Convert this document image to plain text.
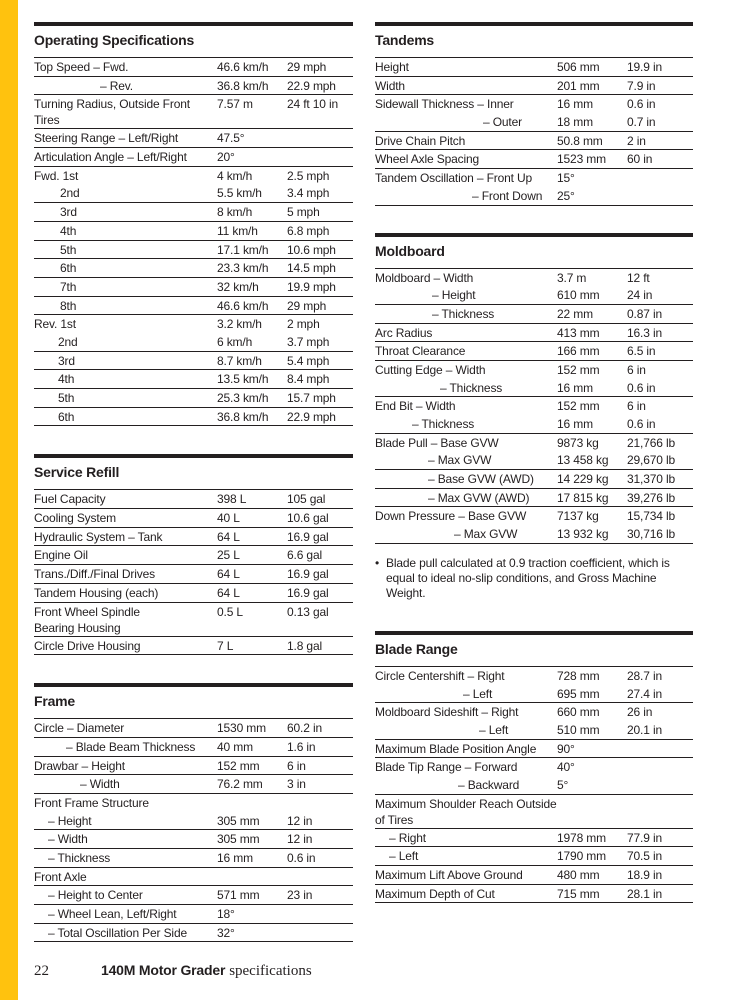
Operating Specifications
Top Speed – Fwd.	46.6 km/h	29 mph
– Rev.	36.8 km/h	22.9 mph
Turning Radius, Outside Front Tires
7.57 m	24 ft 10 in
Steering Range – Left/Right	47.5°
Articulation Angle – Left/Right	20°
Fwd. 1st	4 km/h	2.5 mph
2nd	5.5 km/h	3.4 mph
3rd	8 km/h	5 mph
4th	11 km/h	6.8 mph
5th	17.1 km/h	10.6 mph
6th	23.3 km/h	14.5 mph
7th	32 km/h	19.9 mph
8th	46.6 km/h	29 mph
Rev. 1st	3.2 km/h	2 mph
2nd	6 km/h	3.7 mph
3rd	8.7 km/h	5.4 mph
4th	13.5 km/h	8.4 mph
5th	25.3 km/h	15.7 mph
6th	36.8 km/h	22.9 mph
Service Refill
Fuel Capacity	398 L	105 gal
Cooling System	40 L	10.6 gal
Hydraulic System – Tank	64 L	16.9 gal
Engine Oil	25 L	6.6 gal
Trans./Diff./Final Drives	64 L	16.9 gal
Tandem Housing (each)	64 L	16.9 gal
Front Wheel Spindle
Bearing Housing
0.5 L	0.13 gal
Circle Drive Housing	7 L	1.8 gal
Frame
Circle – Diameter	1530 mm	60.2 in
– Blade Beam Thickness	40 mm	1.6 in
Drawbar – Height	152 mm	6 in
– Width	76.2 mm	3 in
Front Frame Structure
– Height	305 mm	12 in
– Width	305 mm	12 in
– Thickness	16 mm	0.6 in
Front Axle
– Height to Center	571 mm	23 in
– Wheel Lean, Left/Right	18°
– Total Oscillation Per Side	32°
Tandems
Height	506 mm	19.9 in
Width	201 mm	7.9 in
Sidewall Thickness – Inner	16 mm	0.6 in
– Outer	18 mm	0.7 in
Drive Chain Pitch	50.8 mm	2 in
Wheel Axle Spacing	1523 mm	60 in
Tandem Oscillation – Front Up	15°
– Front Down	25°
Moldboard
Moldboard – Width	3.7 m	12 ft
– Height	610 mm	24 in
– Thickness	22 mm	0.87 in
Arc Radius	413 mm	16.3 in
Throat Clearance	166 mm	6.5 in
Cutting Edge – Width	152 mm	6 in
– Thickness	16 mm	0.6 in
End Bit – Width	152 mm	6 in
– Thickness	16 mm	0.6 in
Blade Pull – Base GVW	9873 kg	21,766 lb
– Max GVW	13 458 kg	29,670 lb
– Base GVW (AWD)	14 229 kg	31,370 lb
– Max GVW (AWD)	17 815 kg	39,276 lb
Down Pressure – Base GVW	7137 kg	15,734 lb
– Max GVW	13 932 kg	30,716 lb
• Blade pull calculated at 0.9 traction coefficient, which is equal to ideal no-slip conditions, and Gross Machine Weight.
Blade Range
Circle Centershift – Right	728 mm	28.7 in
– Left	695 mm	27.4 in
Moldboard Sideshift – Right	660 mm	26 in
– Left	510 mm	20.1 in
Maximum Blade Position Angle	90°
Blade Tip Range – Forward	40°
– Backward	5°
Maximum Shoulder Reach Outside of Tires
– Right	1978 mm	77.9 in
– Left	1790 mm	70.5 in
Maximum Lift Above Ground	480 mm	18.9 in
Maximum Depth of Cut	715 mm	28.1 in
22	140M Motor Grader specifications
